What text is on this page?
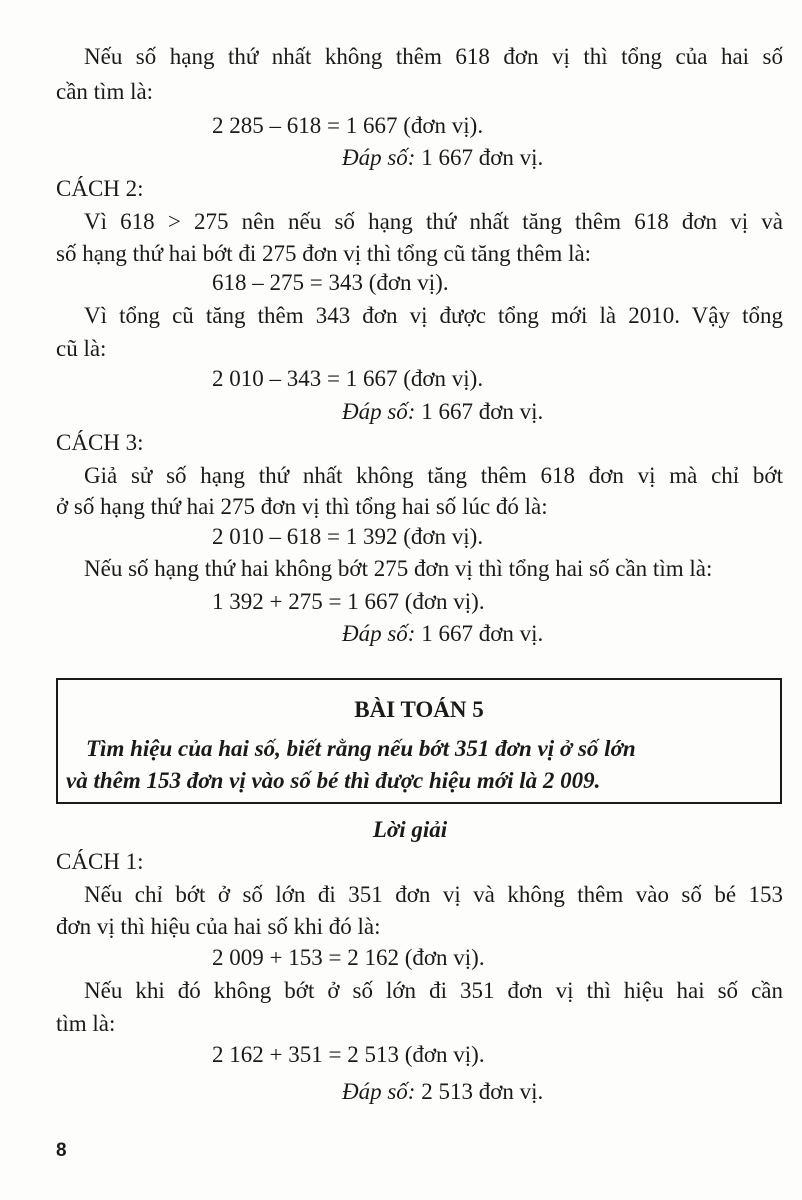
Nếu số hạng thứ nhất không thêm 618 đơn vị thì tổng của hai số
cần tìm là:
2 285 – 618 = 1 667 (đơn vị).
Đáp số: 1 667 đơn vị.
CÁCH 2:
Vì 618 > 275 nên nếu số hạng thứ nhất tăng thêm 618 đơn vị và
số hạng thứ hai bớt đi 275 đơn vị thì tổng cũ tăng thêm là:
618 – 275 = 343 (đơn vị).
Vì tổng cũ tăng thêm 343 đơn vị được tổng mới là 2010. Vậy tổng
cũ là:
2 010 – 343 = 1 667 (đơn vị).
Đáp số: 1 667 đơn vị.
CÁCH 3:
Giả sử số hạng thứ nhất không tăng thêm 618 đơn vị mà chỉ bớt
ở số hạng thứ hai 275 đơn vị thì tổng hai số lúc đó là:
2 010 – 618 = 1 392 (đơn vị).
Nếu số hạng thứ hai không bớt 275 đơn vị thì tổng hai số cần tìm là:
1 392 + 275 = 1 667 (đơn vị).
Đáp số: 1 667 đơn vị.
BÀI TOÁN 5
Tìm hiệu của hai số, biết rằng nếu bớt 351 đơn vị ở số lớn
và thêm 153 đơn vị vào số bé thì được hiệu mới là 2 009.
Lời giải
CÁCH 1:
Nếu chỉ bớt ở số lớn đi 351 đơn vị và không thêm vào số bé 153
đơn vị thì hiệu của hai số khi đó là:
2 009 + 153 = 2 162 (đơn vị).
Nếu khi đó không bớt ở số lớn đi 351 đơn vị thì hiệu hai số cần
tìm là:
2 162 + 351 = 2 513 (đơn vị).
Đáp số: 2 513 đơn vị.
8
